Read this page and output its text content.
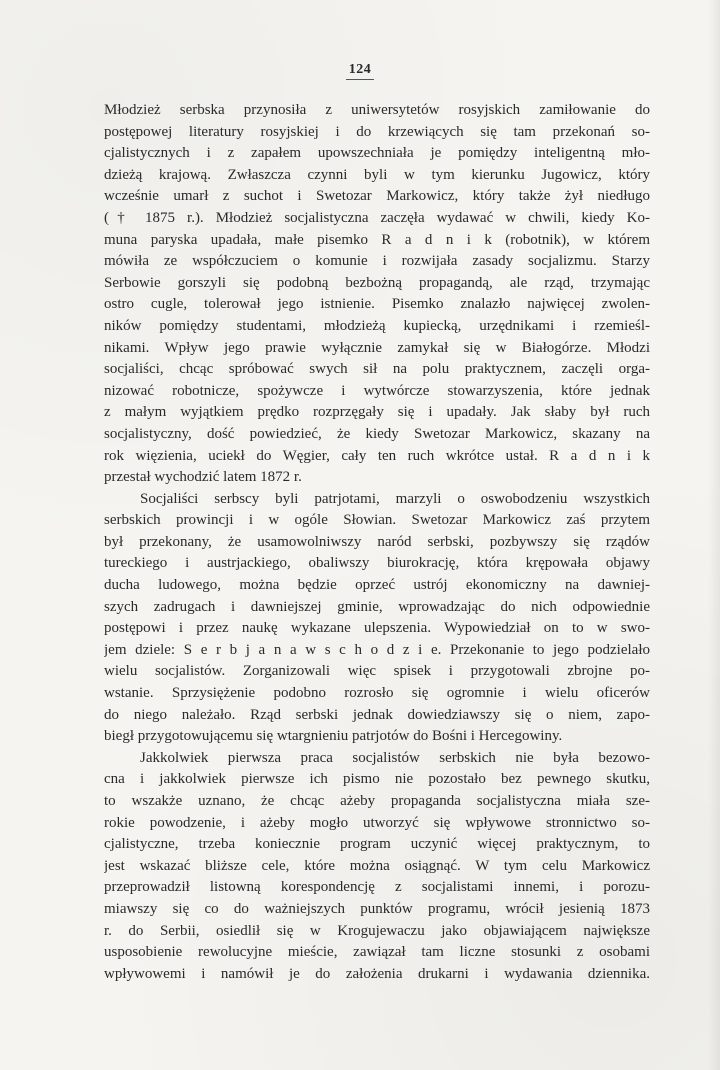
124
Młodzież serbska przynosiła z uniwersytetów rosyjskich zamiłowanie do
postępowej literatury rosyjskiej i do krzewiących się tam przekonań so-
cjalistycznych i z zapałem upowszechniała je pomiędzy inteligentną mło-
dzieżą krajową. Zwłaszcza czynni byli w tym kierunku Jugowicz, który
wcześnie umarł z suchot i Swetozar Markowicz, który także żył niedługo
(† 1875 r.). Młodzież socjalistyczna zaczęła wydawać w chwili, kiedy Ko-
muna paryska upadała, małe pisemko R a d n i k (robotnik), w którem
mówiła ze współczuciem o komunie i rozwijała zasady socjalizmu. Starzy
Serbowie gorszyli się podobną bezbożną propagandą, ale rząd, trzymając
ostro cugle, tolerował jego istnienie. Pisemko znalazło najwięcej zwolen-
ników pomiędzy studentami, młodzieżą kupiecką, urzędnikami i rzemieśl-
nikami. Wpływ jego prawie wyłącznie zamykał się w Białogórze. Młodzi
socjaliści, chcąc spróbować swych sił na polu praktycznem, zaczęli orga-
nizować robotnicze, spożywcze i wytwórcze stowarzyszenia, które jednak
z małym wyjątkiem prędko rozprzęgały się i upadały. Jak słaby był ruch
socjalistyczny, dość powiedzieć, że kiedy Swetozar Markowicz, skazany na
rok więzienia, uciekł do Węgier, cały ten ruch wkrótce ustał. R a d n i k
przestał wychodzić latem 1872 r.
Socjaliści serbscy byli patrjotami, marzyli o oswobodzeniu wszystkich
serbskich prowincji i w ogóle Słowian. Swetozar Markowicz zaś przytem
był przekonany, że usamowolniwszy naród serbski, pozbywszy się rządów
tureckiego i austrjackiego, obaliwszy biurokrację, która krępowała objawy
ducha ludowego, można będzie oprzeć ustrój ekonomiczny na dawniej-
szych zadrugach i dawniejszej gminie, wprowadzając do nich odpowiednie
postępowi i przez naukę wykazane ulepszenia. Wypowiedział on to w swo-
jem dziele: S e r b j a n a w s c h o d z i e. Przekonanie to jego podzielało
wielu socjalistów. Zorganizowali więc spisek i przygotowali zbrojne po-
wstanie. Sprzysiężenie podobno rozrosło się ogromnie i wielu oficerów
do niego należało. Rząd serbski jednak dowiedziawszy się o niem, zapo-
biegł przygotowującemu się wtargnieniu patrjotów do Bośni i Hercegowiny.
Jakkolwiek pierwsza praca socjalistów serbskich nie była bezowo-
cna i jakkolwiek pierwsze ich pismo nie pozostało bez pewnego skutku,
to wszakże uznano, że chcąc ażeby propaganda socjalistyczna miała sze-
rokie powodzenie, i ażeby mogło utworzyć się wpływowe stronnictwo so-
cjalistyczne, trzeba koniecznie program uczynić więcej praktycznym, to
jest wskazać bliższe cele, które można osiągnąć. W tym celu Markowicz
przeprowadził listowną korespondencję z socjalistami innemi, i porozu-
miawszy się co do ważniejszych punktów programu, wrócił jesienią 1873
r. do Serbii, osiedlił się w Krogujewaczu jako objawiającem największe
usposobienie rewolucyjne mieście, zawiązał tam liczne stosunki z osobami
wpływowemi i namówił je do założenia drukarni i wydawania dziennika.
